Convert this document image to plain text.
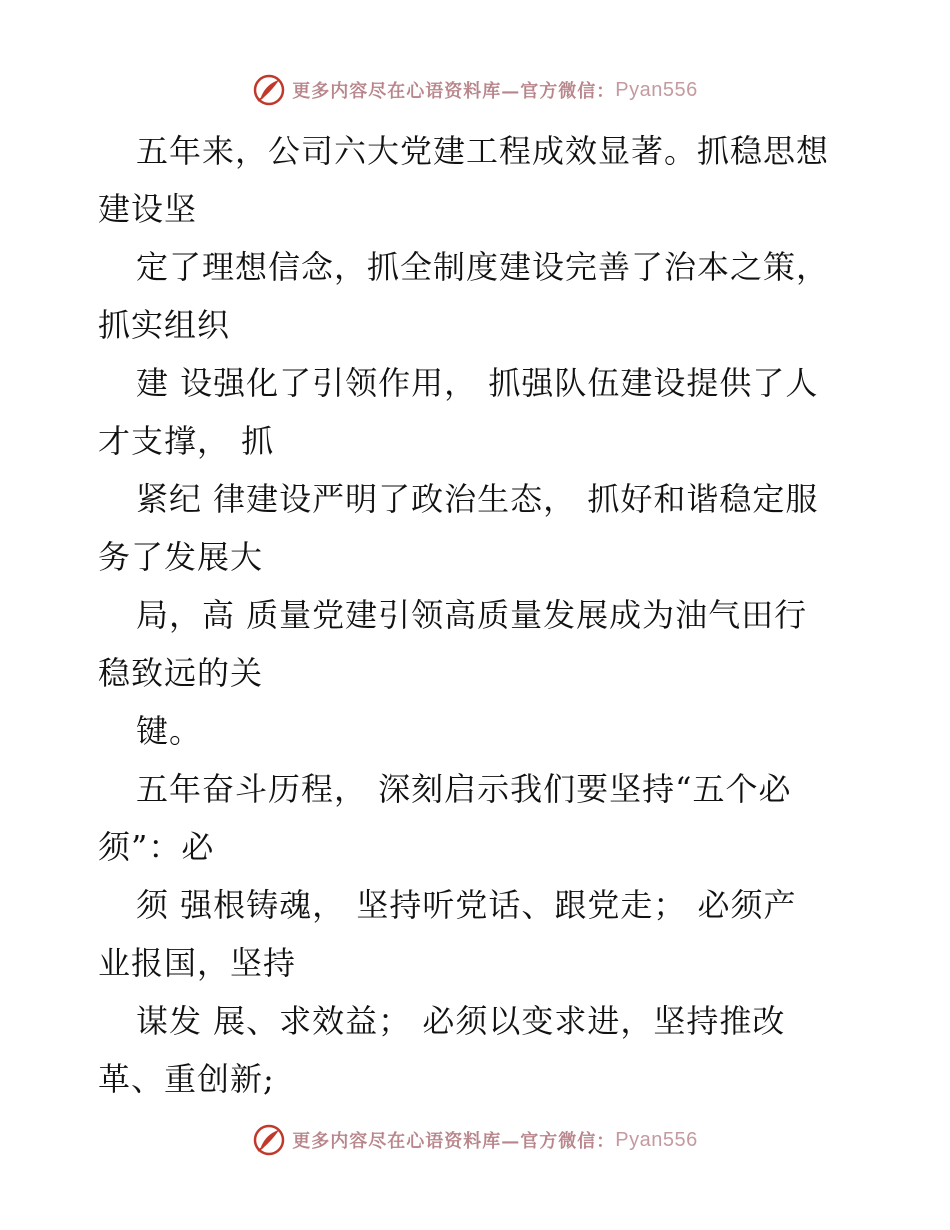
更多内容尽在心语资料库—官方微信： Pyan556
五年来，公司六大党建工程成效显著。抓稳思想
建设坚
定了理想信念，抓全制度建设完善了治本之策，
抓实组织
建 设强化了引领作用， 抓强队伍建设提供了人
才支撑， 抓
紧纪 律建设严明了政治生态， 抓好和谐稳定服
务了发展大
局，高 质量党建引领高质量发展成为油气田行
稳致远的关
键。
五年奋斗历程， 深刻启示我们要坚持“五个必
须”：必
须 强根铸魂， 坚持听党话、跟党走； 必须产
业报国，坚持
谋发 展、求效益； 必须以变求进，坚持推改
革、重创新;
更多内容尽在心语资料库—官方微信： Pyan556
